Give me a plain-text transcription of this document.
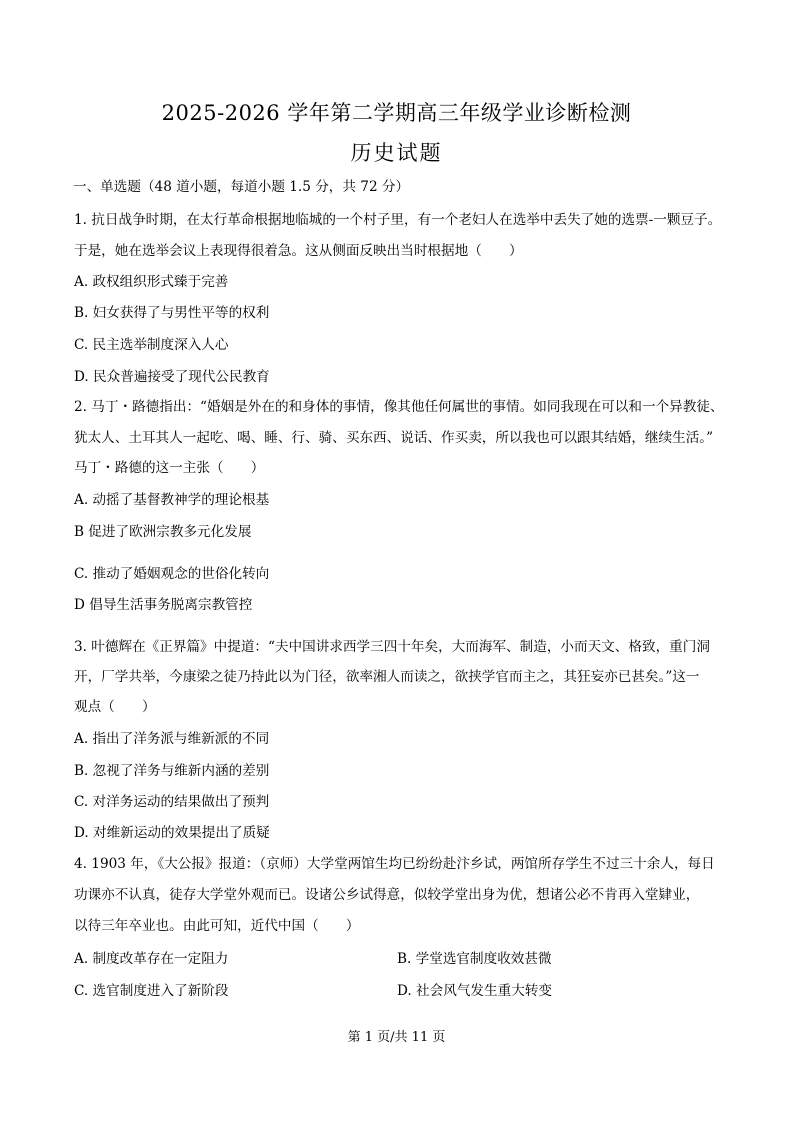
2025-2026 学年第二学期高三年级学业诊断检测
历史试题
一、单选题（48 道小题，每道小题 1.5 分，共 72 分）
1. 抗日战争时期，在太行革命根据地临城的一个村子里，有一个老妇人在选举中丢失了她的选票-一颗豆子。
于是，她在选举会议上表现得很着急。这从侧面反映出当时根据地（　　）
A. 政权组织形式臻于完善
B. 妇女获得了与男性平等的权利
C. 民主选举制度深入人心
D. 民众普遍接受了现代公民教育
2. 马丁・路德指出：“婚姻是外在的和身体的事情，像其他任何属世的事情。如同我现在可以和一个异教徒、
犹太人、土耳其人一起吃、喝、睡、行、骑、买东西、说话、作买卖，所以我也可以跟其结婚，继续生活。”
马丁・路德的这一主张（　　）
A. 动摇了基督教神学的理论根基
B 促进了欧洲宗教多元化发展
C. 推动了婚姻观念的世俗化转向
D 倡导生活事务脱离宗教管控
3. 叶德辉在《正界篇》中提道：“夫中国讲求西学三四十年矣，大而海军、制造，小而天文、格致，重门洞
开，厂学共举，今康梁之徒乃持此以为门径，欲率湘人而读之，欲挟学官而主之，其狂妄亦已甚矣。”这一
观点（　　）
A. 指出了洋务派与维新派的不同
B. 忽视了洋务与维新内涵的差别
C. 对洋务运动的结果做出了预判
D. 对维新运动的效果提出了质疑
4. 1903 年，《大公报》报道：（京师）大学堂两馆生均已纷纷赴汴乡试，两馆所存学生不过三十余人，每日
功课亦不认真，徒存大学堂外观而已。设诸公乡试得意，似较学堂出身为优，想诸公必不肯再入堂肄业，
以待三年卒业也。由此可知，近代中国（　　）
A. 制度改革存在一定阻力	B. 学堂选官制度收效甚微
C. 选官制度进入了新阶段	D. 社会风气发生重大转变
第 1 页/共 11 页
